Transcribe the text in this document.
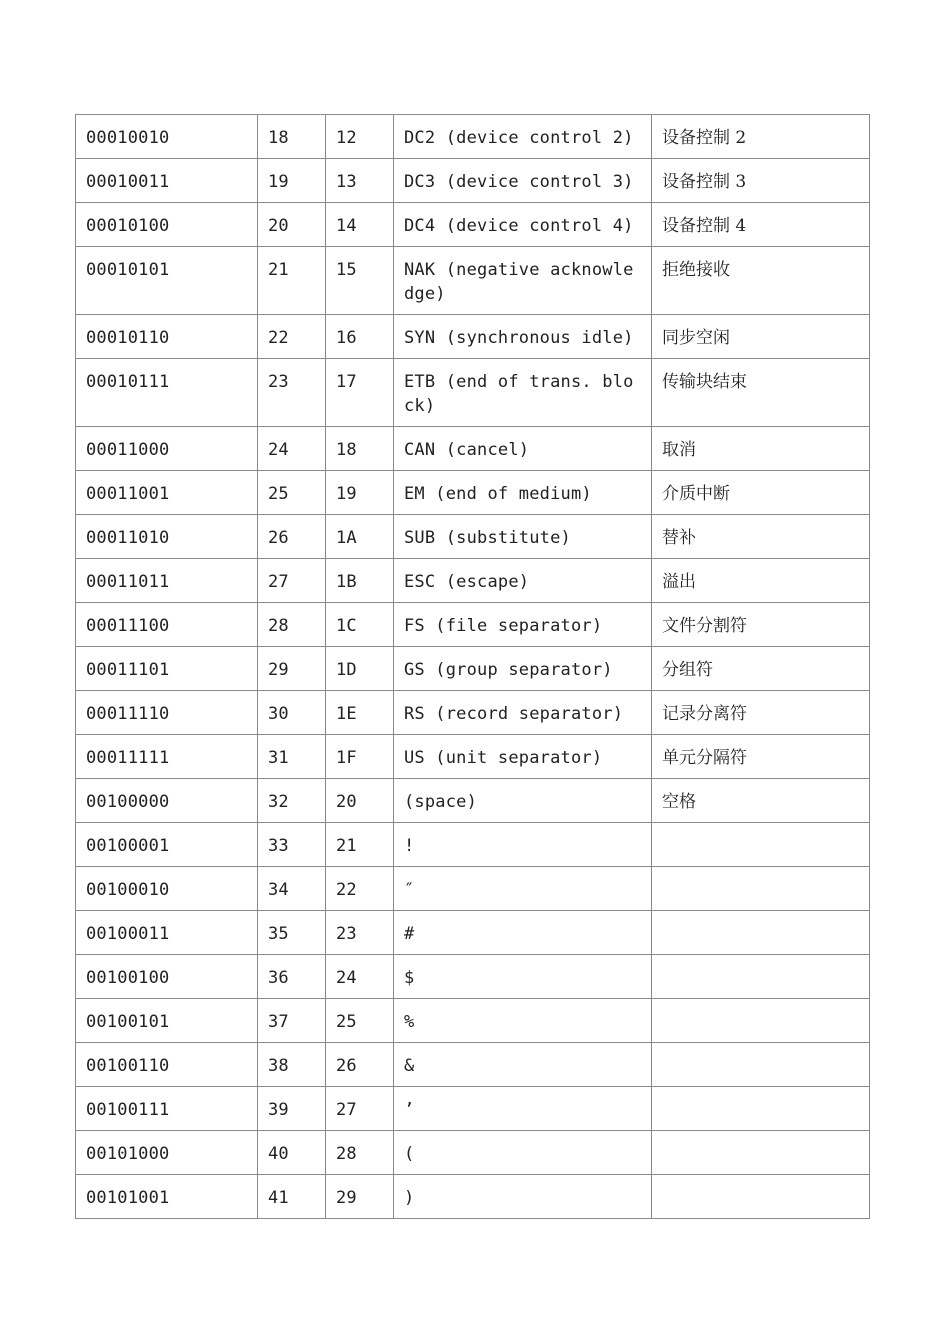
00010010	18	12	DC2 (device control 2)	设备控制 2
00010011	19	13	DC3 (device control 3)	设备控制 3
00010100	20	14	DC4 (device control 4)	设备控制 4
00010101	21	15	NAK (negative acknowledge)	拒绝接收
00010110	22	16	SYN (synchronous idle)	同步空闲
00010111	23	17	ETB (end of trans. block)	传输块结束
00011000	24	18	CAN (cancel)	取消
00011001	25	19	EM (end of medium)	介质中断
00011010	26	1A	SUB (substitute)	替补
00011011	27	1B	ESC (escape)	溢出
00011100	28	1C	FS (file separator)	文件分割符
00011101	29	1D	GS (group separator)	分组符
00011110	30	1E	RS (record separator)	记录分离符
00011111	31	1F	US (unit separator)	单元分隔符
00100000	32	20	(space)	空格
00100001	33	21	!	
00100010	34	22	″	
00100011	35	23	#	
00100100	36	24	$	
00100101	37	25	%	
00100110	38	26	&	
00100111	39	27	’	
00101000	40	28	(	
00101001	41	29	)	
